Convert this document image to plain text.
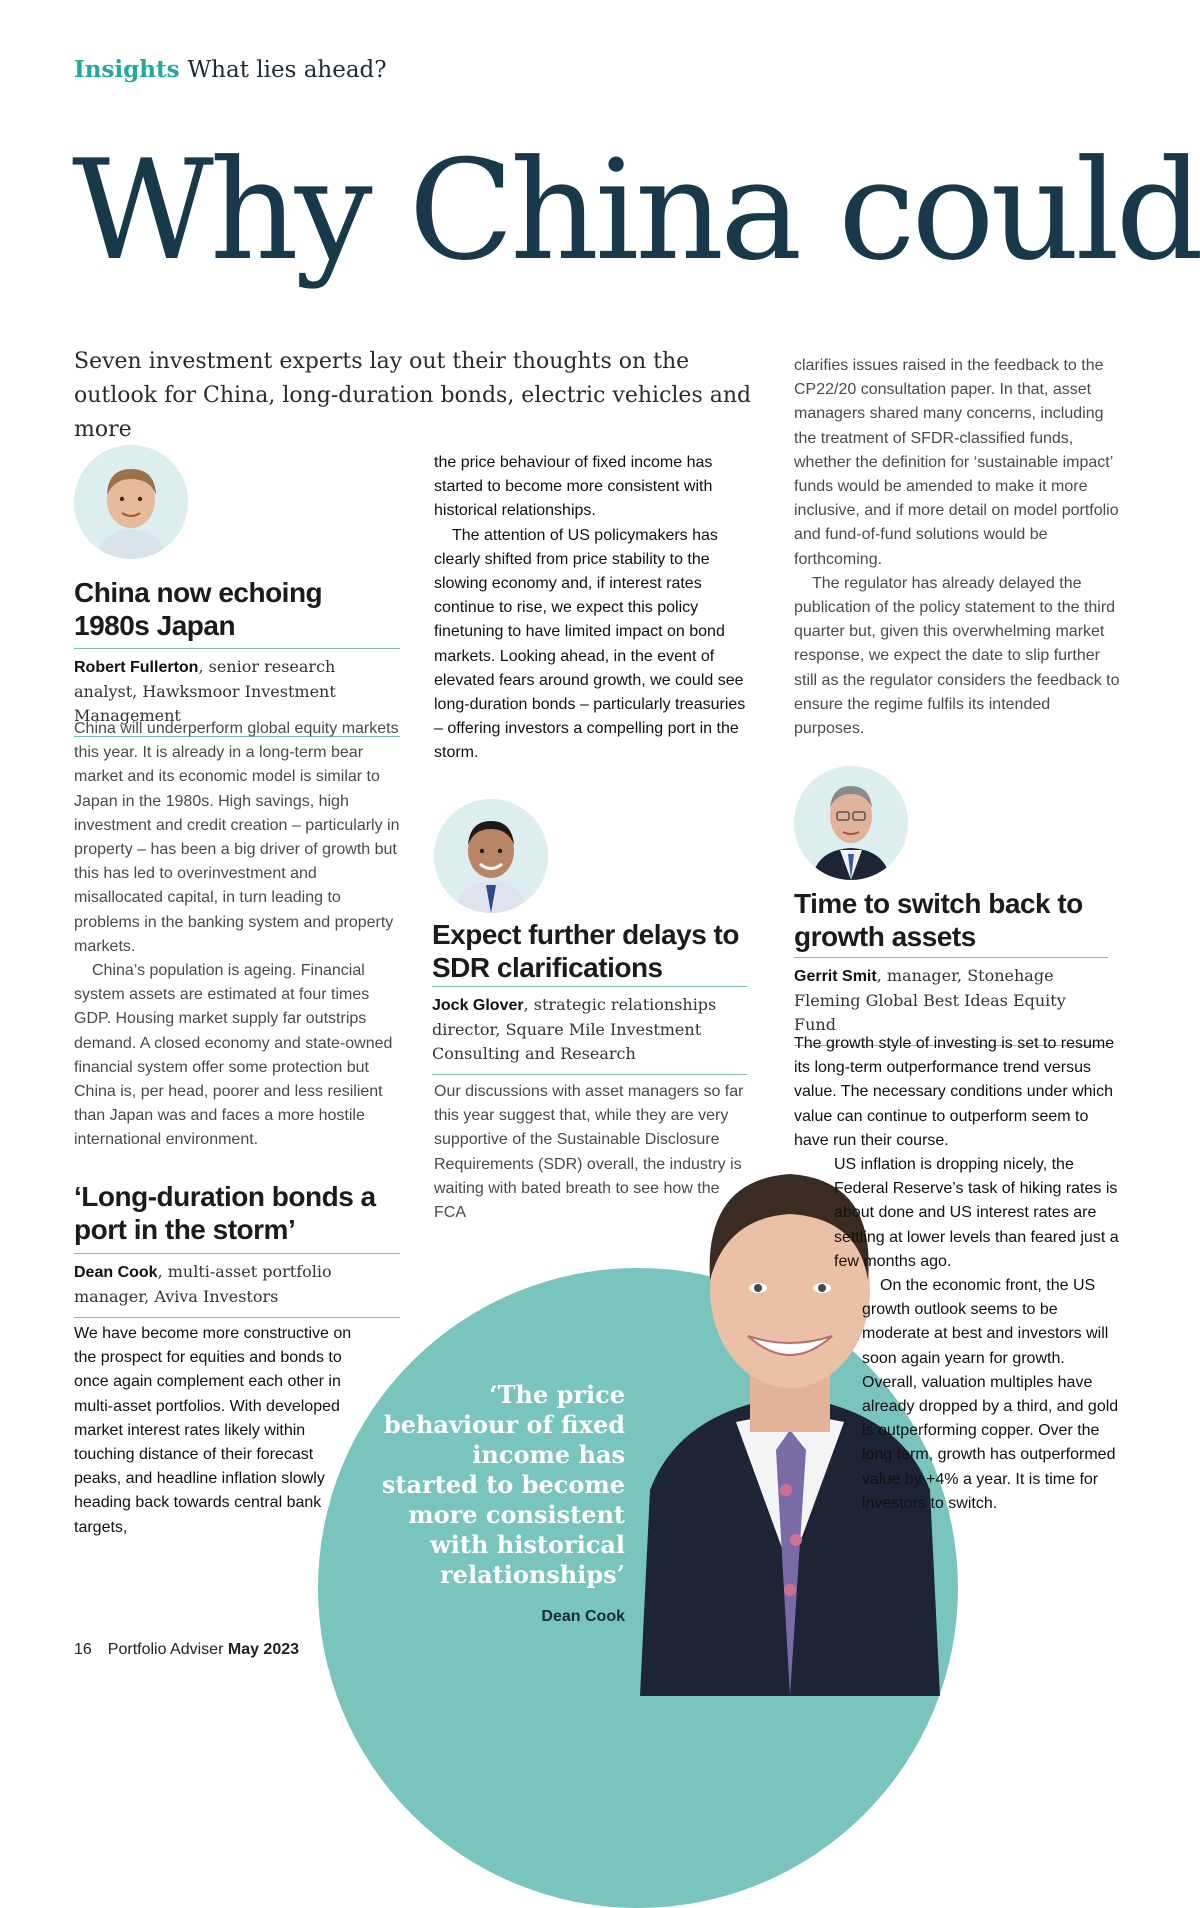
Insights What lies ahead?
Why China could
Seven investment experts lay out their thoughts on the outlook for China, long-duration bonds, electric vehicles and more
China now echoing 1980s Japan
Robert Fullerton, senior research analyst, Hawksmoor Investment Management

China will underperform global equity markets this year. It is already in a long-term bear market and its economic model is similar to Japan in the 1980s. High savings, high investment and credit creation – particularly in property – has been a big driver of growth but this has led to overinvestment and misallocated capital, in turn leading to problems in the banking system and property markets.

China’s population is ageing. Financial system assets are estimated at four times GDP. Housing market supply far outstrips demand. A closed economy and state-owned financial system offer some protection but China is, per head, poorer and less resilient than Japan was and faces a more hostile international environment.

‘Long-duration bonds a port in the storm’
Dean Cook, multi-asset portfolio manager, Aviva Investors

We have become more constructive on the prospect for equities and bonds to once again complement each other in multi-asset portfolios. With developed market interest rates likely within touching distance of their forecast peaks, and headline inflation slowly heading back towards central bank targets,

the price behaviour of fixed income has started to become more consistent with historical relationships.

The attention of US policymakers has clearly shifted from price stability to the slowing economy and, if interest rates continue to rise, we expect this policy finetuning to have limited impact on bond markets. Looking ahead, in the event of elevated fears around growth, we could see long-duration bonds – particularly treasuries – offering investors a compelling port in the storm.

Expect further delays to SDR clarifications
Jock Glover, strategic relationships director, Square Mile Investment Consulting and Research

Our discussions with asset managers so far this year suggest that, while they are very supportive of the Sustainable Disclosure Requirements (SDR) overall, the industry is waiting with bated breath to see how the FCA

clarifies issues raised in the feedback to the CP22/20 consultation paper. In that, asset managers shared many concerns, including the treatment of SFDR-classified funds, whether the definition for ‘sustainable impact’ funds would be amended to make it more inclusive, and if more detail on model portfolio and fund-of-fund solutions would be forthcoming.

The regulator has already delayed the publication of the policy statement to the third quarter but, given this overwhelming market response, we expect the date to slip further still as the regulator considers the feedback to ensure the regime fulfils its intended purposes.

Time to switch back to growth assets
Gerrit Smit, manager, Stonehage Fleming Global Best Ideas Equity Fund

The growth style of investing is set to resume its long-term outperformance trend versus value. The necessary conditions under which value can continue to outperform seem to have run their course.

US inflation is dropping nicely, the Federal Reserve’s task of hiking rates is about done and US interest rates are settling at lower levels than feared just a few months ago.

On the economic front, the US growth outlook seems to be moderate at best and investors will soon again yearn for growth. Overall, valuation multiples have already dropped by a third, and gold is outperforming copper. Over the long term, growth has outperformed value by +4% a year. It is time for investors to switch.

‘The price behaviour of fixed income has started to become more consistent with historical relationships’
Dean Cook
16 Portfolio Adviser May 2023
